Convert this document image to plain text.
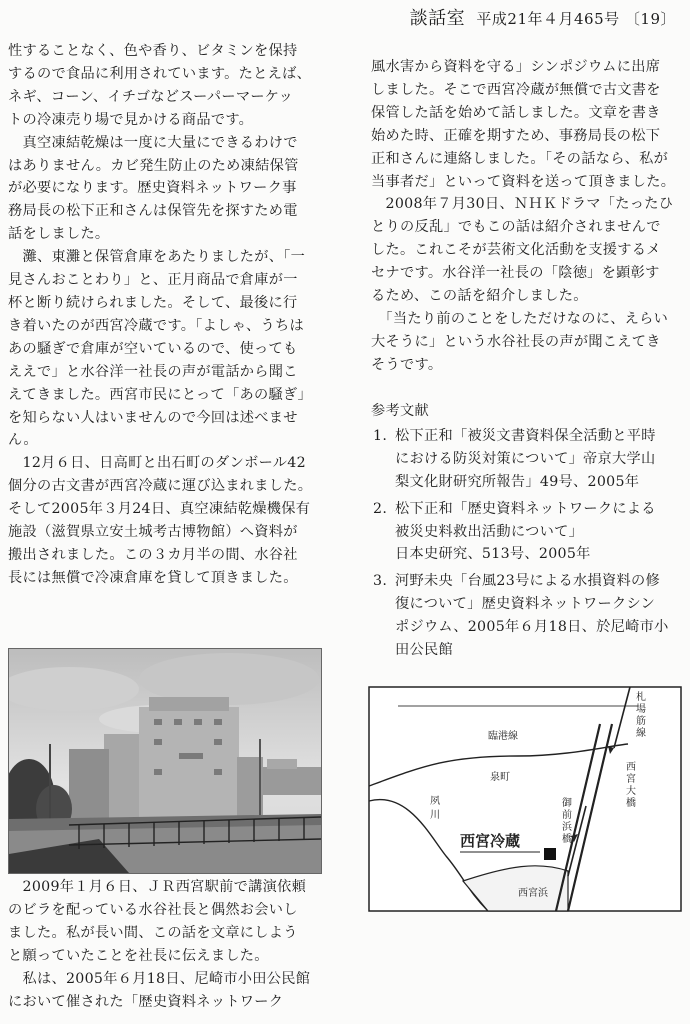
談話室 平成21年４月465号 〔19〕

性することなく、色や香り、ビタミンを保持

するので食品に利用されています。たとえば、

ネギ、コーン、イチゴなどスーパーマーケッ

トの冷凍売り場で見かける商品です。

　真空凍結乾燥は一度に大量にできるわけで

はありません。カビ発生防止のため凍結保管

が必要になります。歴史資料ネットワーク事

務局長の松下正和さんは保管先を探すため電

話をしました。

　灘、東灘と保管倉庫をあたりましたが、「一

見さんおことわり」と、正月商品で倉庫が一

杯と断り続けられました。そして、最後に行

き着いたのが西宮冷蔵です。「よしゃ、うちは

あの騒ぎで倉庫が空いているので、使っても

ええで」と水谷洋一社長の声が電話から聞こ

えてきました。西宮市民にとって「あの騒ぎ」

を知らない人はいませんので今回は述べませ

ん。

　12月６日、日高町と出石町のダンボール42

個分の古文書が西宮冷蔵に運び込まれました。

そして2005年３月24日、真空凍結乾燥機保有

施設（滋賀県立安土城考古博物館）へ資料が

搬出されました。この３カ月半の間、水谷社

長には無償で冷凍倉庫を貸して頂きました。

　2009年１月６日、ＪＲ西宮駅前で講演依頼

のビラを配っている水谷社長と偶然お会いし

ました。私が長い間、この話を文章にしよう

と願っていたことを社長に伝えました。

　私は、2005年６月18日、尼崎市小田公民館

において催された「歴史資料ネットワーク

風水害から資料を守る」シンポジウムに出席

しました。そこで西宮冷蔵が無償で古文書を

保管した話を始めて話しました。文章を書き

始めた時、正確を期すため、事務局長の松下

正和さんに連絡しました。「その話なら、私が

当事者だ」といって資料を送って頂きました。

　2008年７月30日、ＮＨＫドラマ「たったひ

とりの反乱」でもこの話は紹介されませんで

した。これこそが芸術文化活動を支援するメ

セナです。水谷洋一社長の「陰徳」を顕彰す

るため、この話を紹介しました。

　「当たり前のことをしただけなのに、えらい

大そうに」という水谷社長の声が聞こえてき

そうです。

参考文献

1. 松下正和「被災文書資料保全活動と平時
における防災対策について」帝京大学山
梨文化財研究所報告」49号、2005年
2. 松下正和「歴史資料ネットワークによる
被災史料救出活動について」
日本史研究、513号、2005年
3. 河野未央「台風23号による水損資料の修
復について」歴史資料ネットワークシン
ポジウム、2005年６月18日、於尼崎市小
田公民館
臨港線
泉町
西宮冷蔵
西宮浜
夙
川
札場筋線
御前浜橋
西宮大橋
